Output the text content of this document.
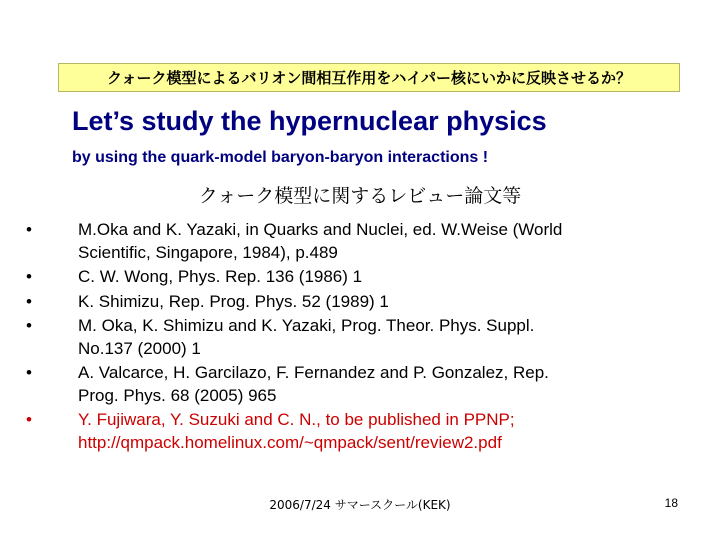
クォーク模型によるバリオン間相互作用をハイパー核にいかに反映させるか？
Let’s study the hypernuclear physics
by using the quark-model baryon-baryon interactions !
クォーク模型に関するレビュー論文等
•	M.Oka and K. Yazaki, in Quarks and Nuclei, ed. W.Weise (World
Scientific, Singapore, 1984), p.489
•	C. W. Wong, Phys. Rep. 136 (1986) 1
•	K. Shimizu, Rep. Prog. Phys. 52 (1989) 1
•	M. Oka, K. Shimizu and K. Yazaki, Prog. Theor. Phys. Suppl.
No.137 (2000) 1
•	A. Valcarce, H. Garcilazo, F. Fernandez and P. Gonzalez, Rep.
Prog. Phys. 68 (2005) 965
•	Y. Fujiwara, Y. Suzuki and C. N., to be published in PPNP;
http://qmpack.homelinux.com/~qmpack/sent/review2.pdf
2006/7/24 サマースクール(KEK)	18
